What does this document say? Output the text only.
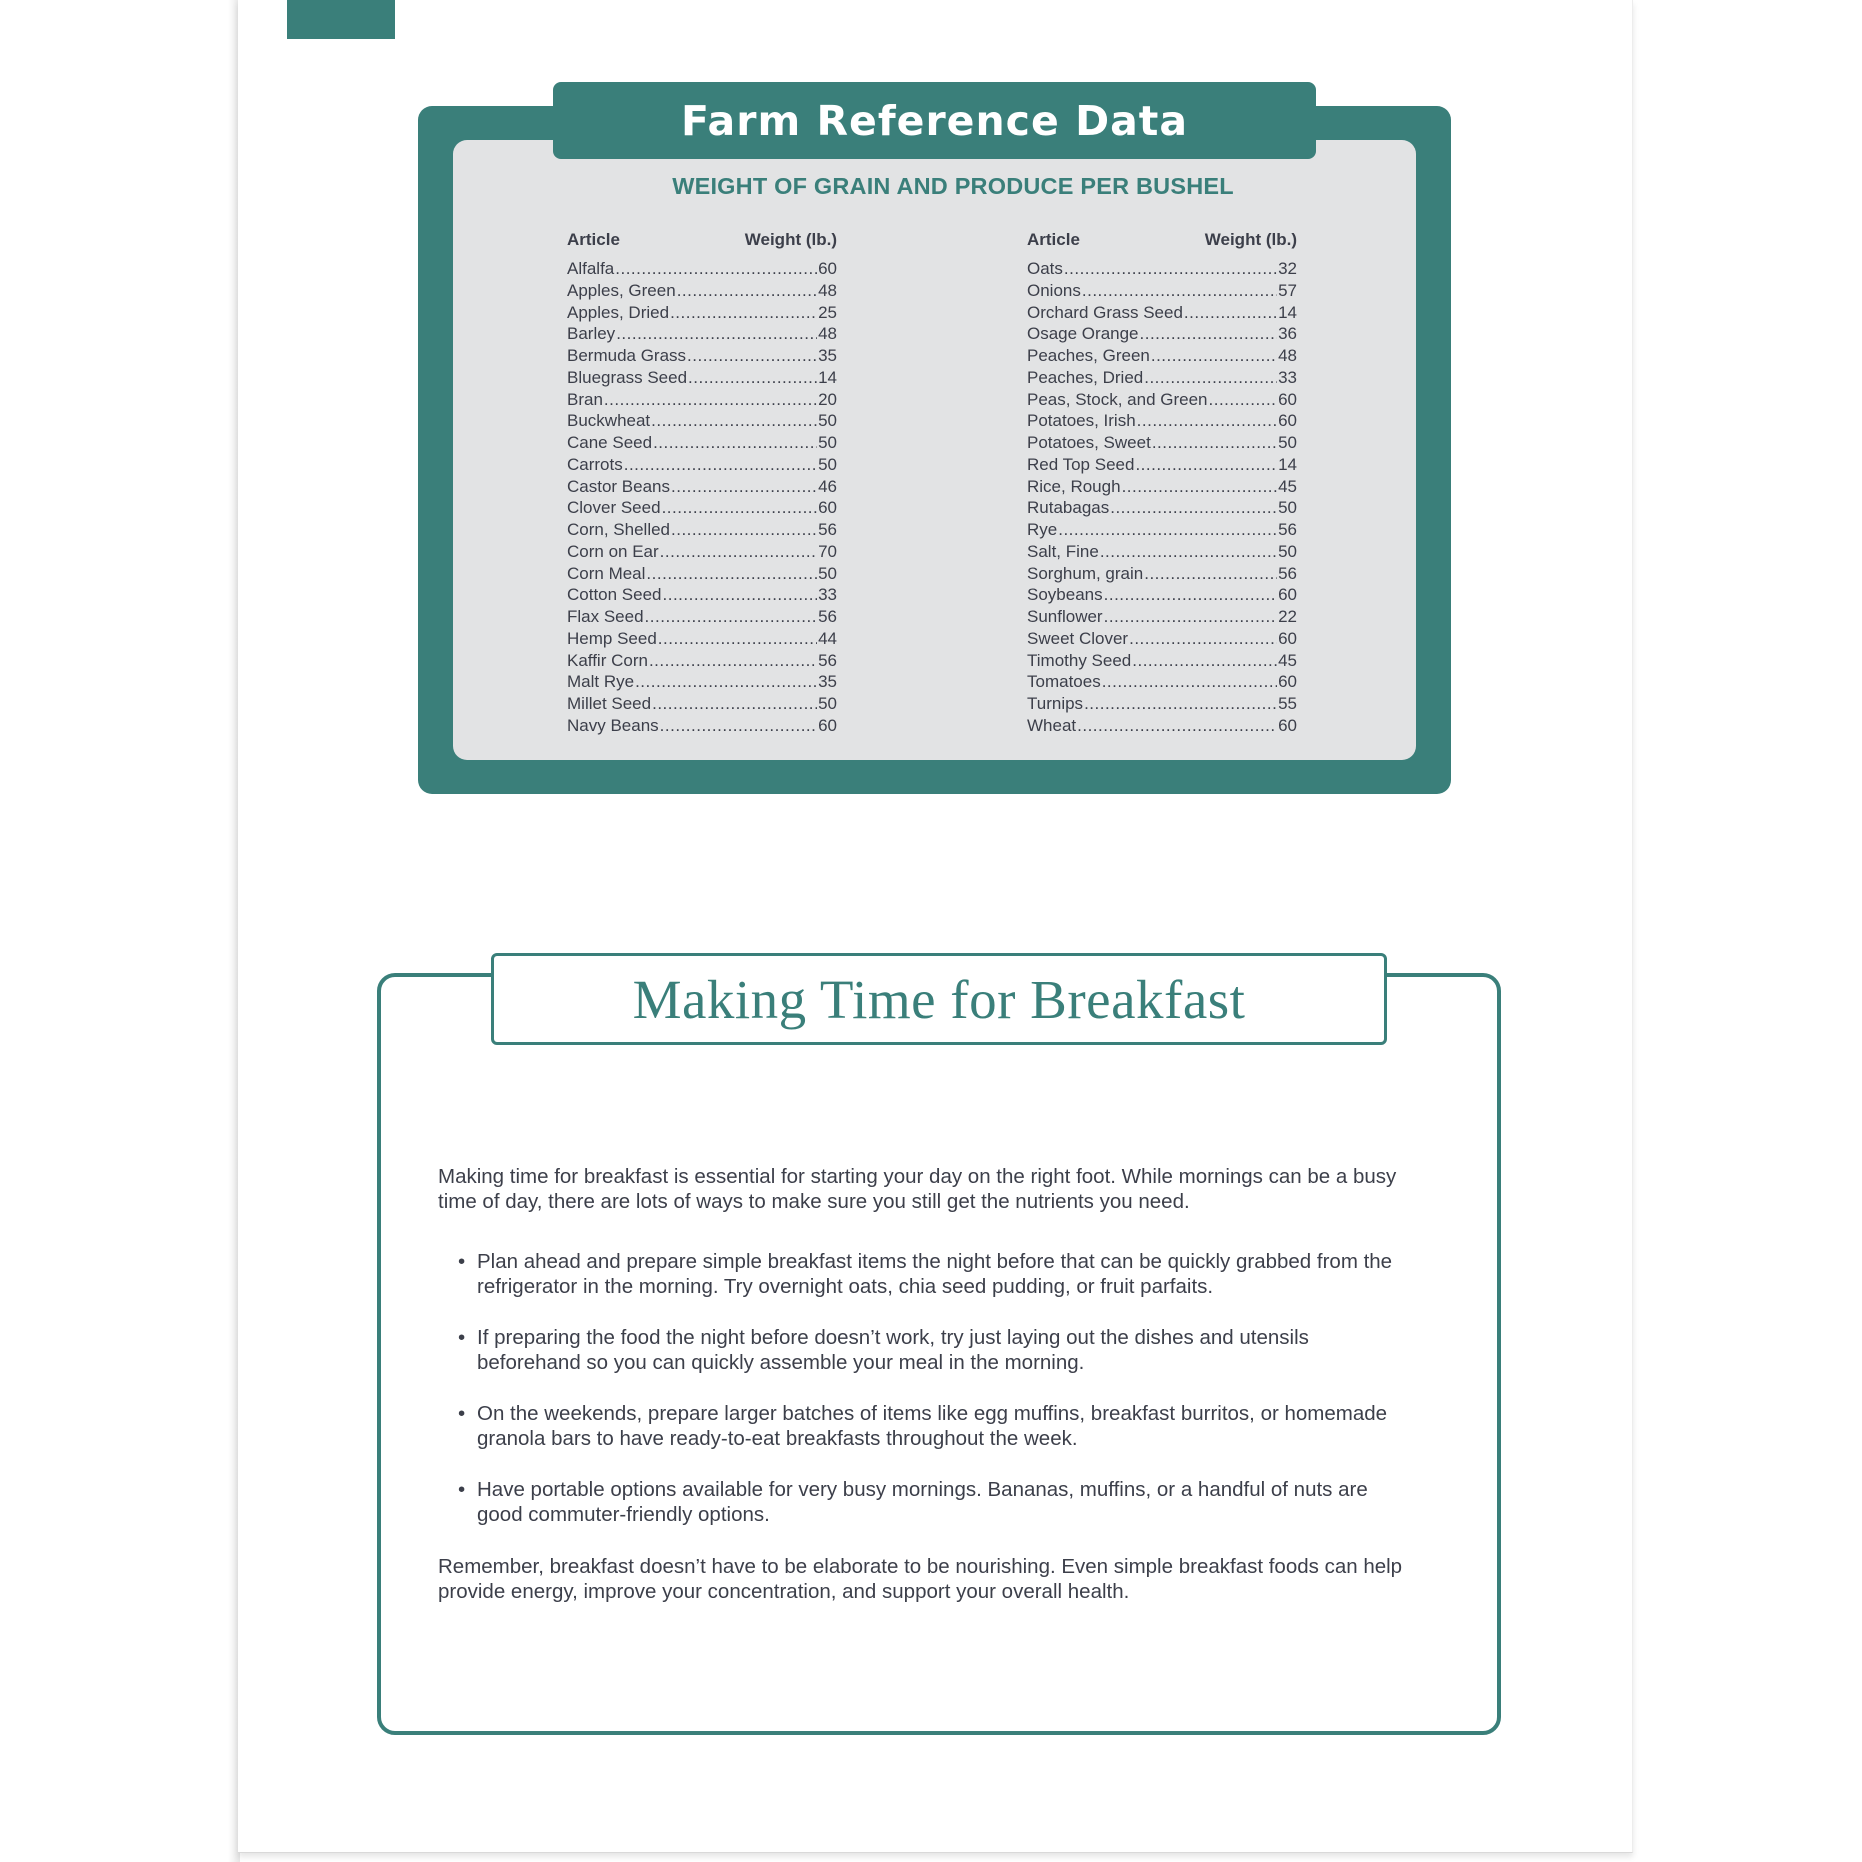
Farm Reference Data
WEIGHT OF GRAIN AND PRODUCE PER BUSHEL
Article	Weight (lb.)
Alfalfa .....	60
Apples, Green .....	48
Apples, Dried .....	25
Barley .....	48
Bermuda Grass .....	35
Bluegrass Seed .....	14
Bran .....	20
Buckwheat .....	50
Cane Seed .....	50
Carrots .....	50
Castor Beans .....	46
Clover Seed .....	60
Corn, Shelled .....	56
Corn on Ear .....	70
Corn Meal .....	50
Cotton Seed .....	33
Flax Seed .....	56
Hemp Seed .....	44
Kaffir Corn .....	56
Malt Rye .....	35
Millet Seed .....	50
Navy Beans .....	60
Article	Weight (lb.)
Oats .....	32
Onions .....	57
Orchard Grass Seed .....	14
Osage Orange .....	36
Peaches, Green .....	48
Peaches, Dried .....	33
Peas, Stock, and Green .....	60
Potatoes, Irish .....	60
Potatoes, Sweet .....	50
Red Top Seed .....	14
Rice, Rough .....	45
Rutabagas .....	50
Rye .....	56
Salt, Fine .....	50
Sorghum, grain .....	56
Soybeans .....	60
Sunflower .....	22
Sweet Clover .....	60
Timothy Seed .....	45
Tomatoes .....	60
Turnips .....	55
Wheat .....	60
Making Time for Breakfast

Making time for breakfast is essential for starting your day on the right foot. While mornings can be a busy time of day, there are lots of ways to make sure you still get the nutrients you need.

• Plan ahead and prepare simple breakfast items the night before that can be quickly grabbed from the refrigerator in the morning. Try overnight oats, chia seed pudding, or fruit parfaits.
• If preparing the food the night before doesn’t work, try just laying out the dishes and utensils beforehand so you can quickly assemble your meal in the morning.
• On the weekends, prepare larger batches of items like egg muffins, breakfast burritos, or homemade granola bars to have ready-to-eat breakfasts throughout the week.
• Have portable options available for very busy mornings. Bananas, muffins, or a handful of nuts are good commuter-friendly options.

Remember, breakfast doesn’t have to be elaborate to be nourishing. Even simple breakfast foods can help provide energy, improve your concentration, and support your overall health.
